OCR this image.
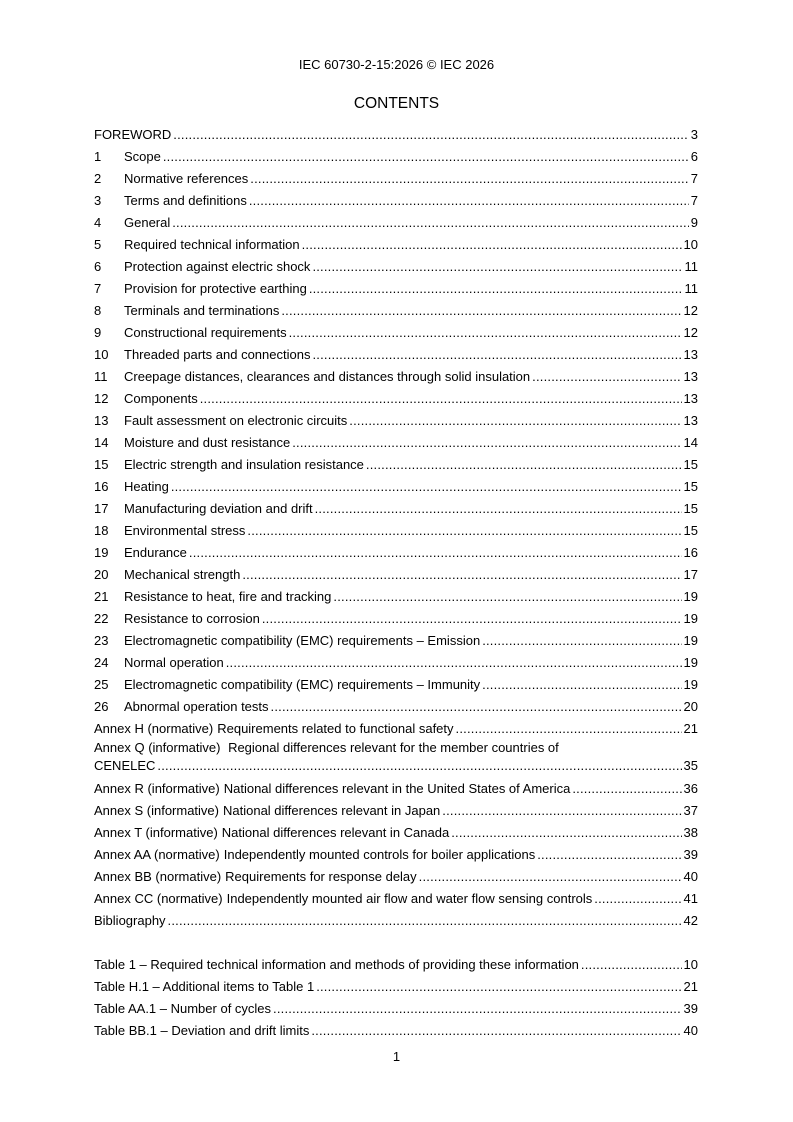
IEC 60730-2-15:2026 © IEC 2026
CONTENTS
FOREWORD .....	3
1	Scope .....	6
2	Normative references .....	7
3	Terms and definitions .....	7
4	General .....	9
5	Required technical information .....	10
6	Protection against electric shock .....	11
7	Provision for protective earthing .....	11
8	Terminals and terminations .....	12
9	Constructional requirements .....	12
10	Threaded parts and connections .....	13
11	Creepage distances, clearances and distances through solid insulation .....	13
12	Components .....	13
13	Fault assessment on electronic circuits .....	13
14	Moisture and dust resistance .....	14
15	Electric strength and insulation resistance .....	15
16	Heating .....	15
17	Manufacturing deviation and drift .....	15
18	Environmental stress .....	15
19	Endurance .....	16
20	Mechanical strength .....	17
21	Resistance to heat, fire and tracking .....	19
22	Resistance to corrosion .....	19
23	Electromagnetic compatibility (EMC) requirements – Emission .....	19
24	Normal operation .....	19
25	Electromagnetic compatibility (EMC) requirements – Immunity .....	19
26	Abnormal operation tests .....	20
Annex H (normative) Requirements related to functional safety .....	21
Annex Q (informative) Regional differences relevant for the member countries of
CENELEC .....	35
Annex R (informative) National differences relevant in the United States of America .....	36
Annex S (informative) National differences relevant in Japan .....	37
Annex T (informative) National differences relevant in Canada .....	38
Annex AA (normative) Independently mounted controls for boiler applications .....	39
Annex BB (normative) Requirements for response delay .....	40
Annex CC (normative) Independently mounted air flow and water flow sensing controls .....	41
Bibliography .....	42
Table 1 – Required technical information and methods of providing these information .....	10
Table H.1 – Additional items to Table 1 .....	21
Table AA.1 – Number of cycles .....	39
Table BB.1 – Deviation and drift limits .....	40
1
